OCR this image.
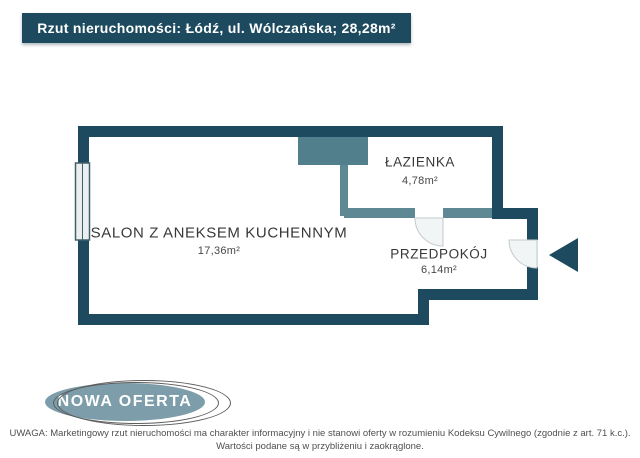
Rzut nieruchomości: Łódź, ul. Wólczańska; 28,28m²
SALON Z ANEKSEM KUCHENNYM
17,36m²
ŁAZIENKA
4,78m²
PRZEDPOKÓJ
6,14m²
NOWA OFERTA
UWAGA: Marketingowy rzut nieruchomości ma charakter informacyjny i nie stanowi oferty w rozumieniu Kodeksu Cywilnego (zgodnie z art. 71 k.c.).
Wartości podane są w przybliżeniu i zaokrąglone.
